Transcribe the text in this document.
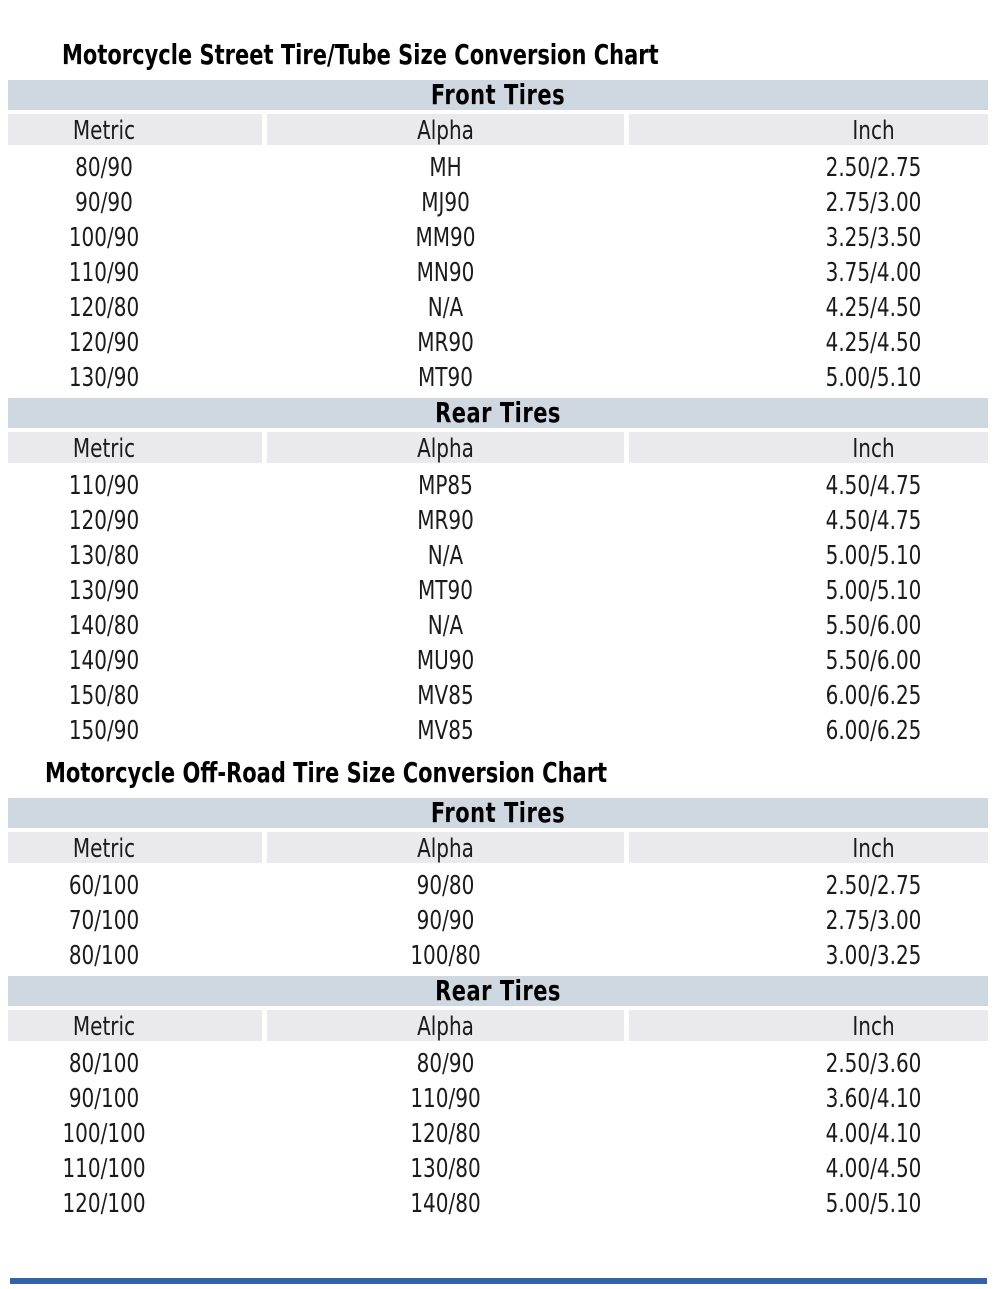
Motorcycle Street Tire/Tube Size Conversion Chart
Front Tires
Metric	Alpha	Inch
80/90	MH	2.50/2.75
90/90	MJ90	2.75/3.00
100/90	MM90	3.25/3.50
110/90	MN90	3.75/4.00
120/80	N/A	4.25/4.50
120/90	MR90	4.25/4.50
130/90	MT90	5.00/5.10
Rear Tires
Metric	Alpha	Inch
110/90	MP85	4.50/4.75
120/90	MR90	4.50/4.75
130/80	N/A	5.00/5.10
130/90	MT90	5.00/5.10
140/80	N/A	5.50/6.00
140/90	MU90	5.50/6.00
150/80	MV85	6.00/6.25
150/90	MV85	6.00/6.25
Motorcycle Off-Road Tire Size Conversion Chart
Front Tires
Metric	Alpha	Inch
60/100	90/80	2.50/2.75
70/100	90/90	2.75/3.00
80/100	100/80	3.00/3.25
Rear Tires
Metric	Alpha	Inch
80/100	80/90	2.50/3.60
90/100	110/90	3.60/4.10
100/100	120/80	4.00/4.10
110/100	130/80	4.00/4.50
120/100	140/80	5.00/5.10
